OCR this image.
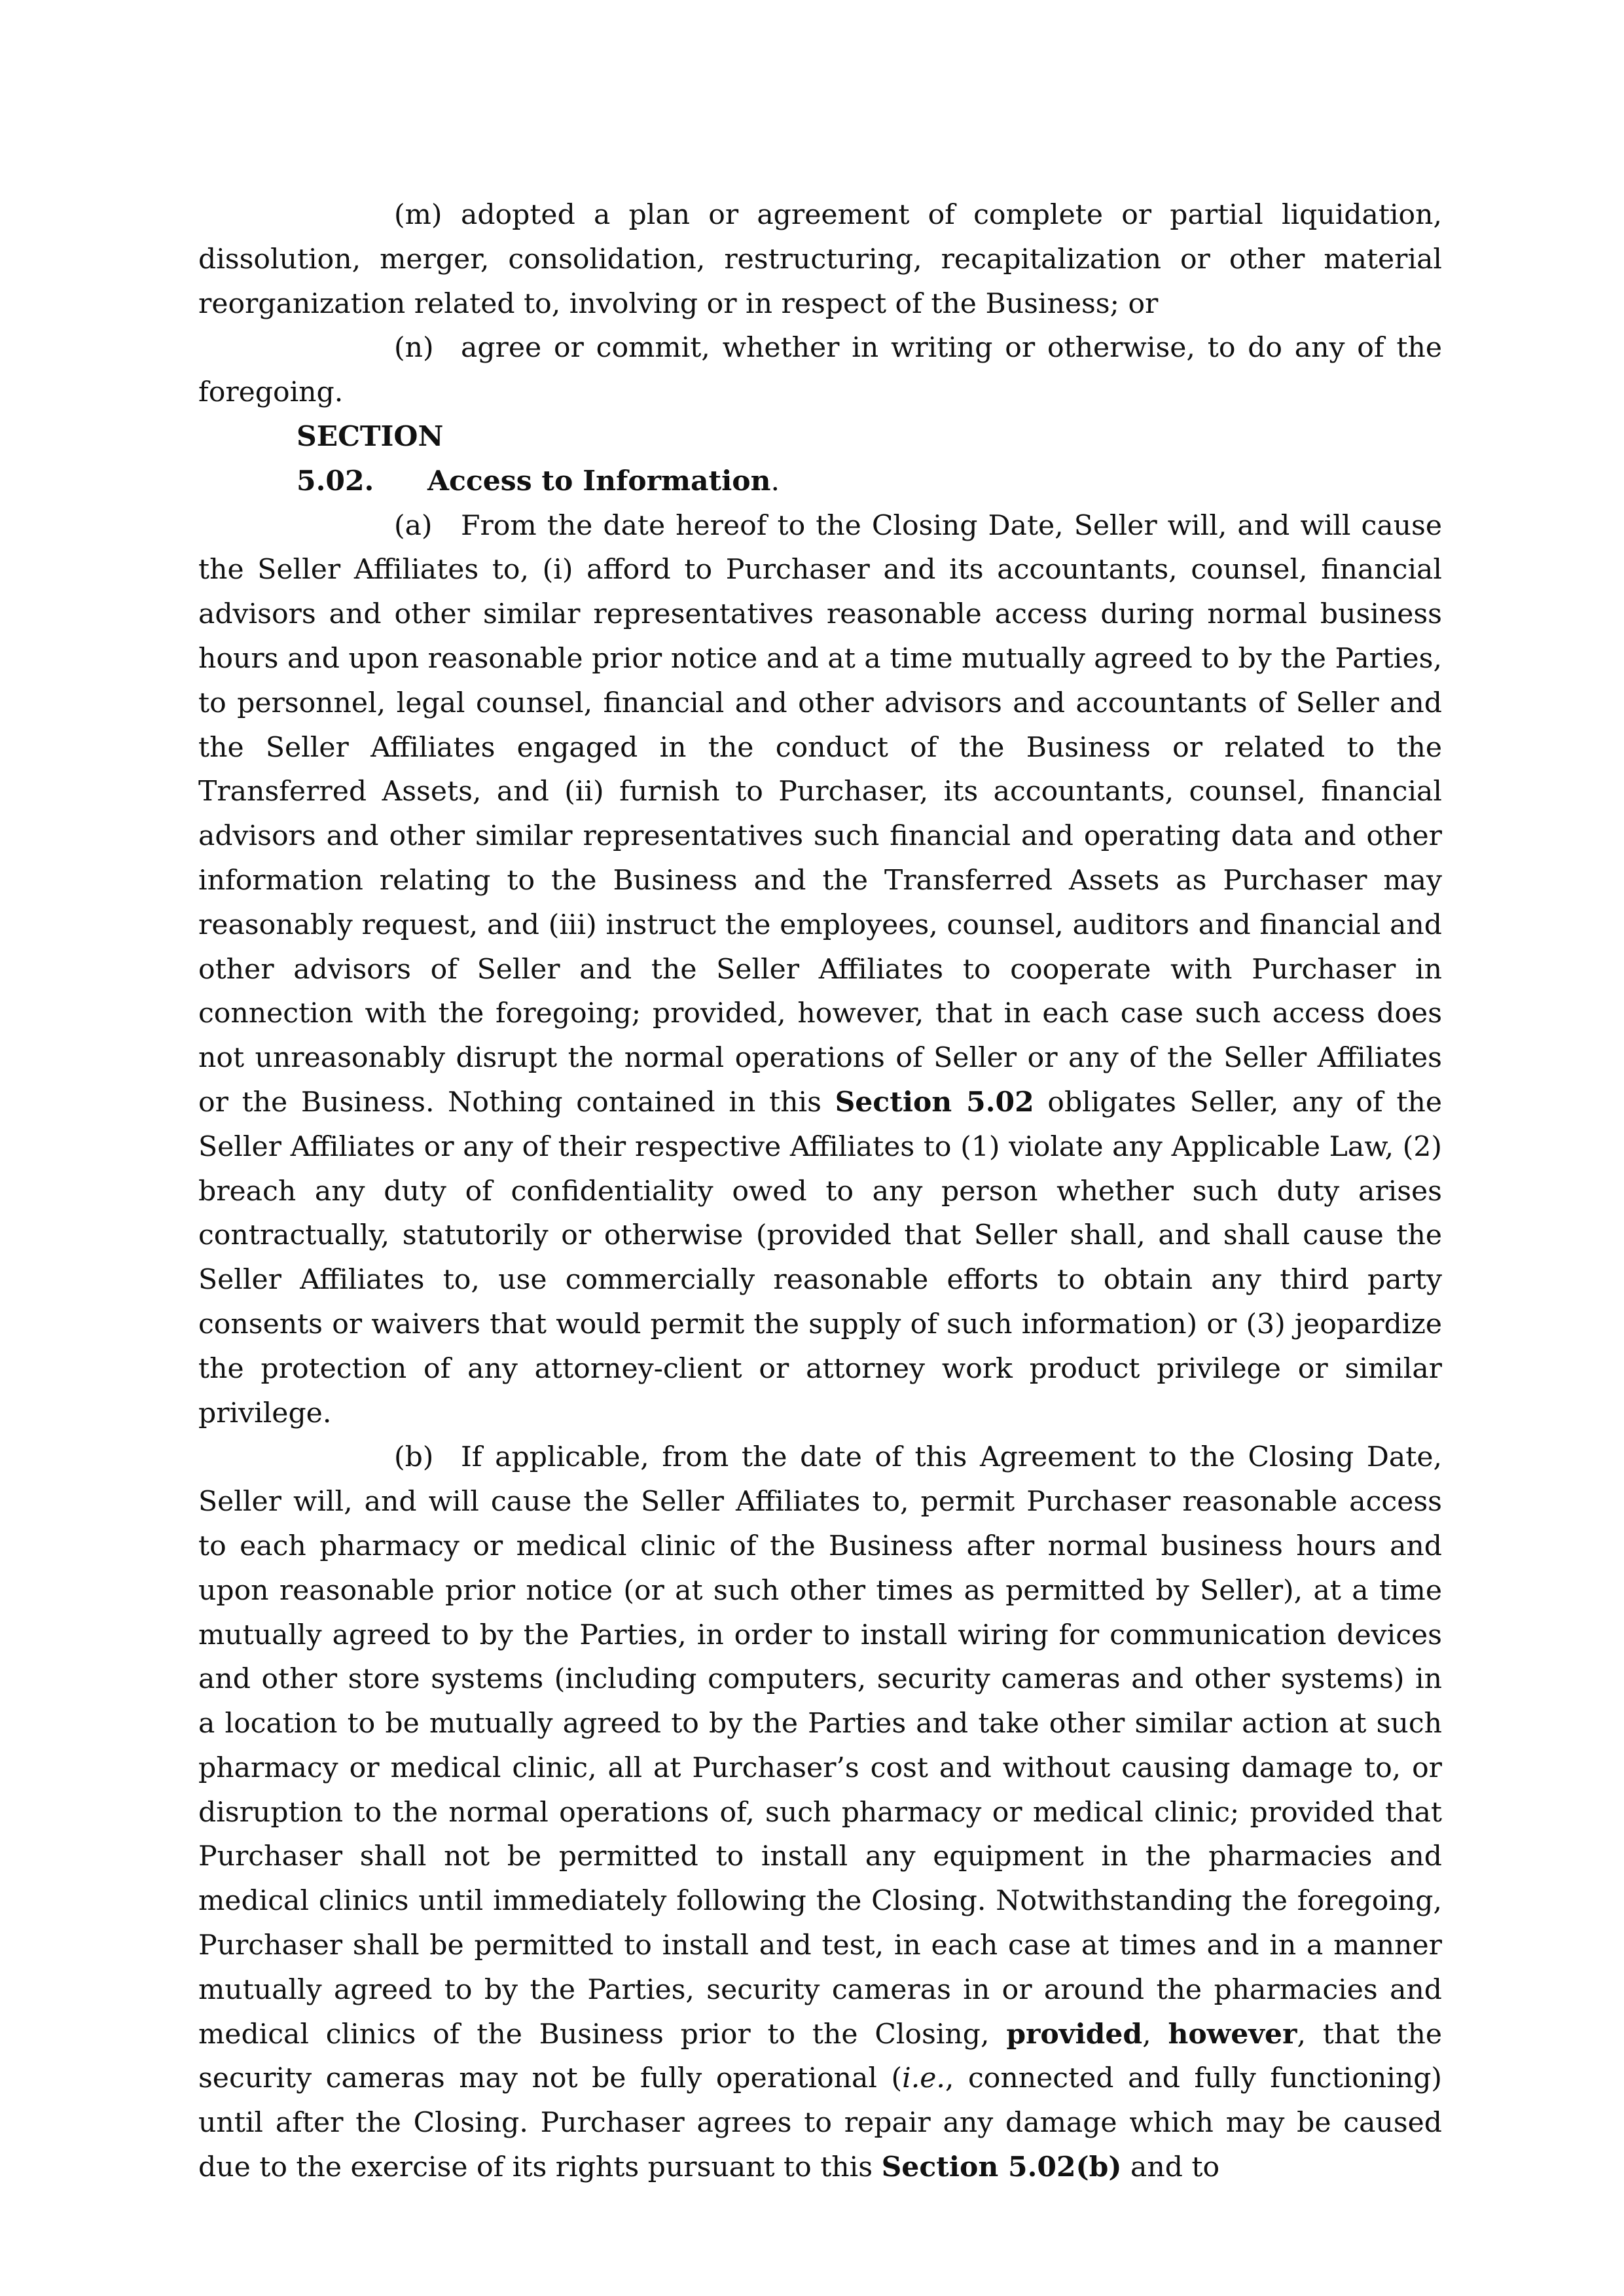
(m) adopted a plan or agreement of complete or partial liquidation, dissolution, merger, consolidation, restructuring, recapitalization or other material reorganization related to, involving or in respect of the Business; or

(n) agree or commit, whether in writing or otherwise, to do any of the foregoing.

SECTION 5.02. Access to Information.

(a) From the date hereof to the Closing Date, Seller will, and will cause the Seller Affiliates to, (i) afford to Purchaser and its accountants, counsel, financial advisors and other similar representatives reasonable access during normal business hours and upon reasonable prior notice and at a time mutually agreed to by the Parties, to personnel, legal counsel, financial and other advisors and accountants of Seller and the Seller Affiliates engaged in the conduct of the Business or related to the Transferred Assets, and (ii) furnish to Purchaser, its accountants, counsel, financial advisors and other similar representatives such financial and operating data and other information relating to the Business and the Transferred Assets as Purchaser may reasonably request, and (iii) instruct the employees, counsel, auditors and financial and other advisors of Seller and the Seller Affiliates to cooperate with Purchaser in connection with the foregoing; provided, however, that in each case such access does not unreasonably disrupt the normal operations of Seller or any of the Seller Affiliates or the Business. Nothing contained in this Section 5.02 obligates Seller, any of the Seller Affiliates or any of their respective Affiliates to (1) violate any Applicable Law, (2) breach any duty of confidentiality owed to any person whether such duty arises contractually, statutorily or otherwise (provided that Seller shall, and shall cause the Seller Affiliates to, use commercially reasonable efforts to obtain any third party consents or waivers that would permit the supply of such information) or (3) jeopardize the protection of any attorney-client or attorney work product privilege or similar privilege.

(b) If applicable, from the date of this Agreement to the Closing Date, Seller will, and will cause the Seller Affiliates to, permit Purchaser reasonable access to each pharmacy or medical clinic of the Business after normal business hours and upon reasonable prior notice (or at such other times as permitted by Seller), at a time mutually agreed to by the Parties, in order to install wiring for communication devices and other store systems (including computers, security cameras and other systems) in a location to be mutually agreed to by the Parties and take other similar action at such pharmacy or medical clinic, all at Purchaser’s cost and without causing damage to, or disruption to the normal operations of, such pharmacy or medical clinic; provided that Purchaser shall not be permitted to install any equipment in the pharmacies and medical clinics until immediately following the Closing. Notwithstanding the foregoing, Purchaser shall be permitted to install and test, in each case at times and in a manner mutually agreed to by the Parties, security cameras in or around the pharmacies and medical clinics of the Business prior to the Closing, provided, however, that the security cameras may not be fully operational (i.e., connected and fully functioning) until after the Closing. Purchaser agrees to repair any damage which may be caused due to the exercise of its rights pursuant to this Section 5.02(b) and to
